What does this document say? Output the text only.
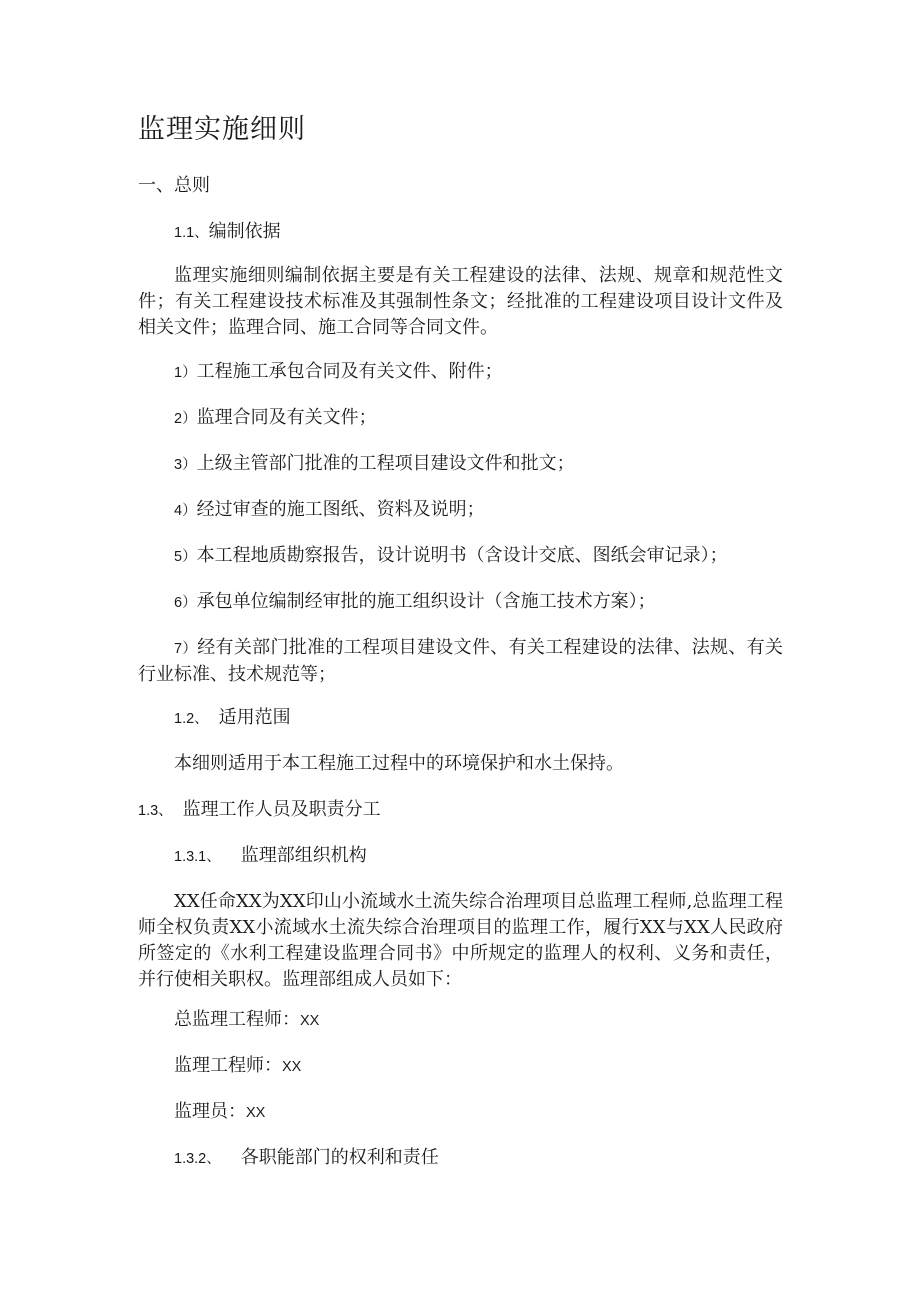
监理实施细则
一、总则
1.1、编制依据
监理实施细则编制依据主要是有关工程建设的法律、法规、规章和规范性文件；有关工程建设技术标准及其强制性条文；经批准的工程建设项目设计文件及相关文件；监理合同、施工合同等合同文件。
1）工程施工承包合同及有关文件、附件；
2）监理合同及有关文件；
3）上级主管部门批准的工程项目建设文件和批文；
4）经过审查的施工图纸、资料及说明；
5）本工程地质勘察报告，设计说明书（含设计交底、图纸会审记录）；
6）承包单位编制经审批的施工组织设计（含施工技术方案）；
7）经有关部门批准的工程项目建设文件、有关工程建设的法律、法规、有关行业标准、技术规范等；
1.2、 适用范围
本细则适用于本工程施工过程中的环境保护和水土保持。
1.3、 监理工作人员及职责分工
1.3.1、 监理部组织机构
XX任命XX为XX印山小流域水土流失综合治理项目总监理工程师,总监理工程师全权负责XX小流域水土流失综合治理项目的监理工作，履行XX与XX人民政府所签定的《水利工程建设监理合同书》中所规定的监理人的权利、义务和责任，并行使相关职权。监理部组成人员如下：
总监理工程师：XX
监理工程师：XX
监理员：XX
1.3.2、 各职能部门的权利和责任
